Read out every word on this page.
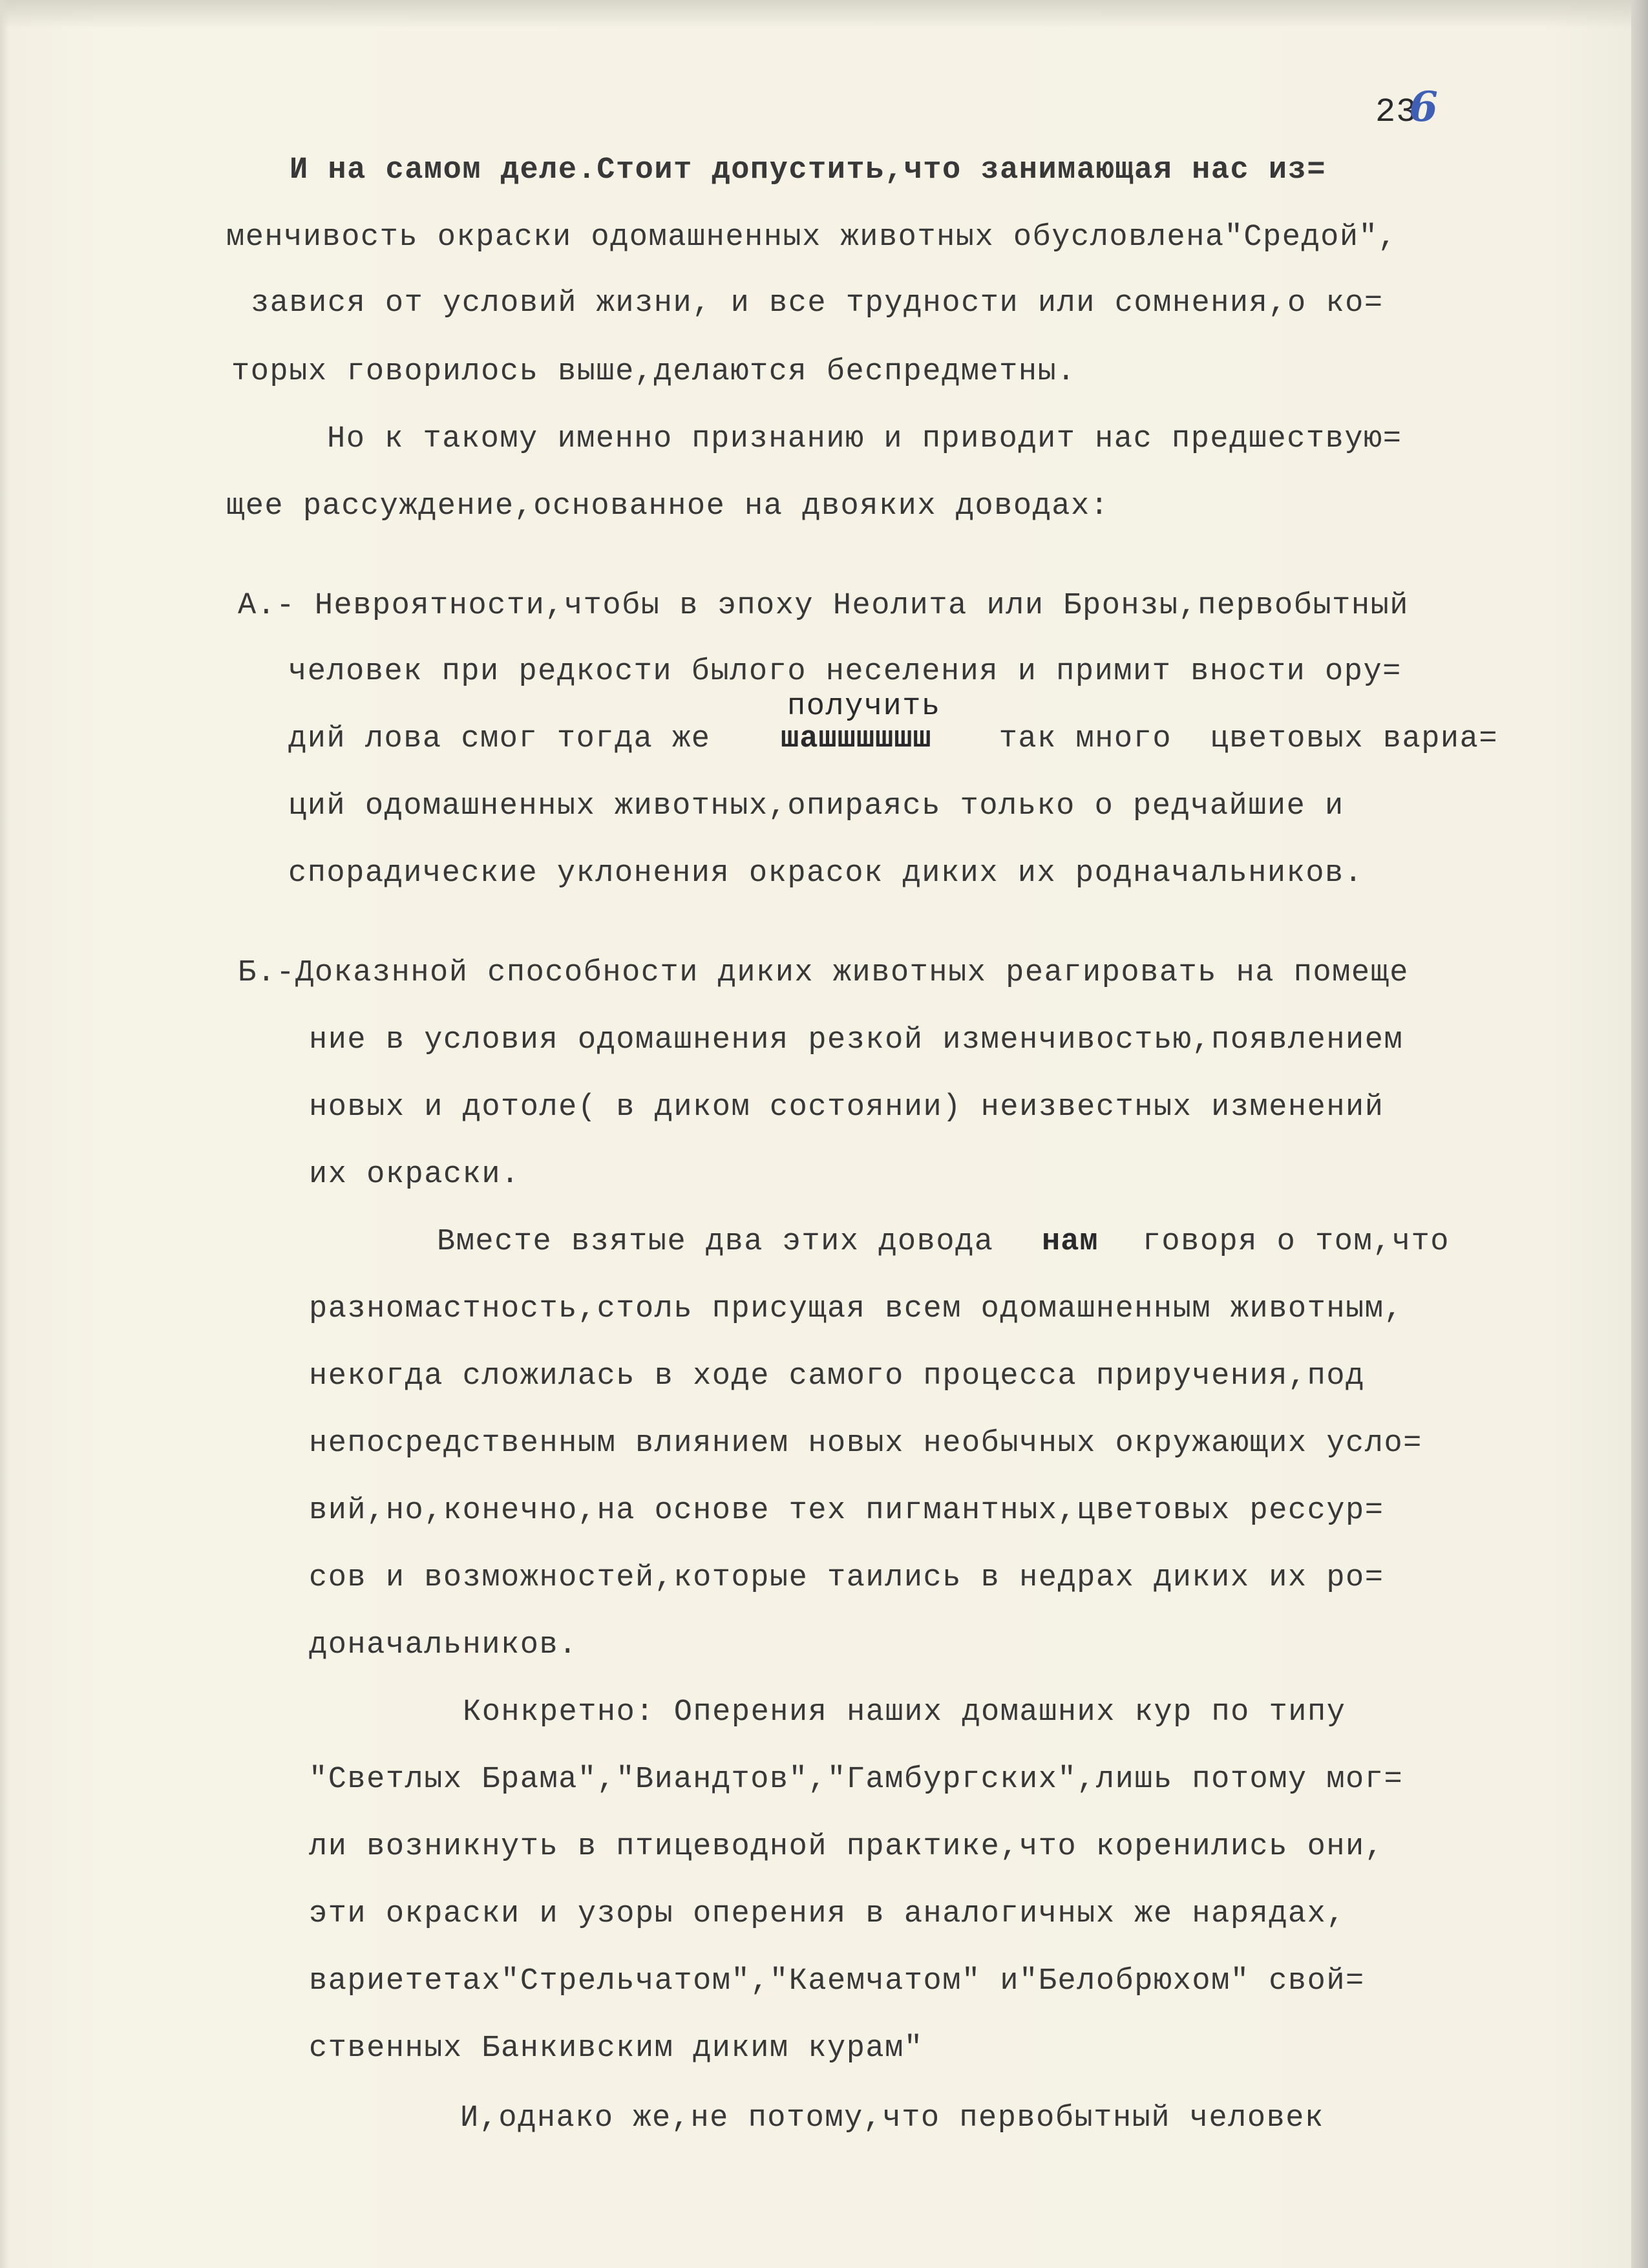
236
И на самом деле.Стоит допустить,что занимающая нас из=
менчивость окраски одомашненных животных обусловлена"Средой",
завися от условий жизни, и все трудности или сомнения,о ко=
торых говорилось выше,делаются беспредметны.
Но к такому именно признанию и приводит нас предшествую=
щее рассуждение,основанное на двояких доводах:
А.- Невроятности,чтобы в эпоху Неолита или Бронзы,первобытный
человек при редкости былого неселения и примит вности ору=
получить
дий лова смог тогда же шашшшшшш так много  цветовых вариа=
ций одомашненных животных,опираясь только о редчайшие и
спорадические уклонения окрасок диких их родначальников.
Б.-Доказнной способности диких животных реагировать на помеще
ние в условия одомашнения резкой изменчивостью,появлением
новых и дотоле( в диком состоянии) неизвестных изменений
их окраски.
Вместе взятые два этих довода нам говоря о том,что
разномастность,столь присущая всем одомашненным животным,
некогда сложилась в ходе самого процесса приручения,под
непосредственным влиянием новых необычных окружающих усло=
вий,но,конечно,на основе тех пигмантных,цветовых рессур=
сов и возможностей,которые таились в недрах диких их ро=
доначальников.
Конкретно: Оперения наших домашних кур по типу
"Светлых Брама","Виандтов","Гамбургских",лишь потому мог=
ли возникнуть в птицеводной практике,что коренились они,
эти окраски и узоры оперения в аналогичных же нарядах,
вариететах"Стрельчатом","Каемчатом" и"Белобрюхом" свой=
ственных Банкивским диким курам"
И,однако же,не потому,что первобытный человек
